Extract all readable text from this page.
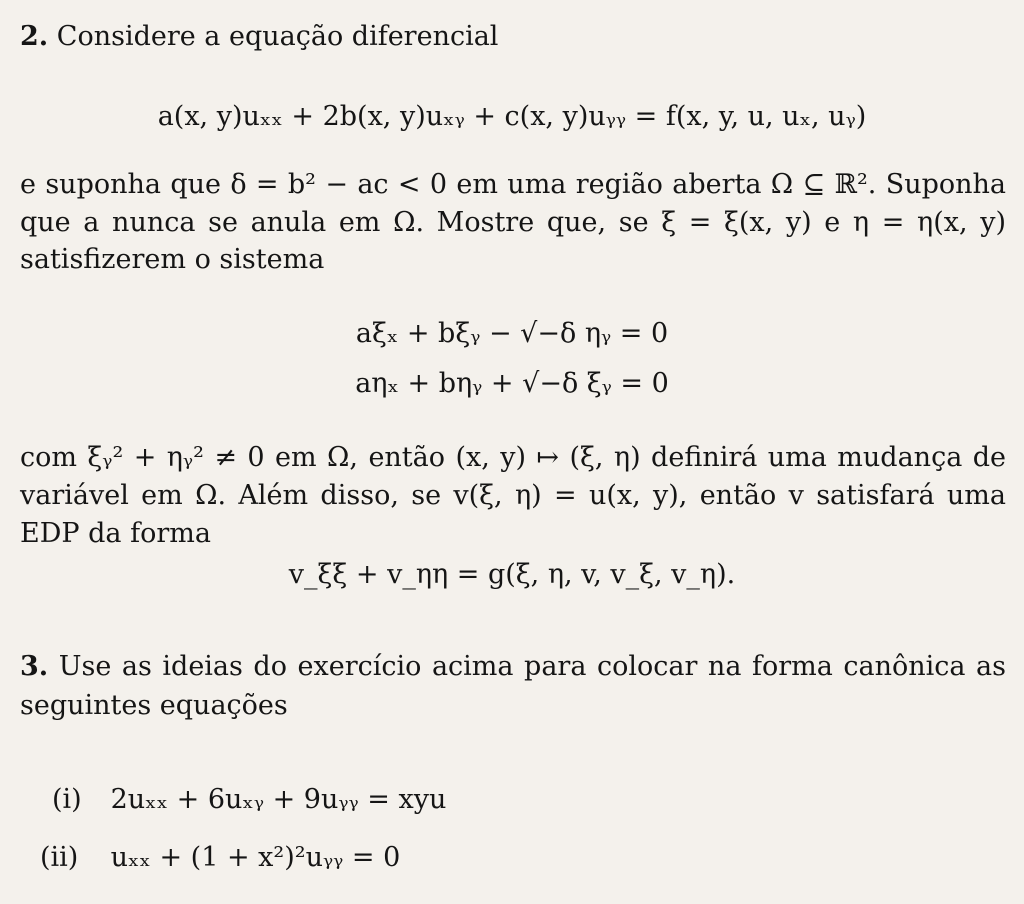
2. Considere a equação diferencial
a(x, y)uₓₓ + 2b(x, y)uₓᵧ + c(x, y)uᵧᵧ = f(x, y, u, uₓ, uᵧ)
e suponha que δ = b² − ac < 0 em uma região aberta Ω ⊆ ℝ². Suponha
que a nunca se anula em Ω. Mostre que, se ξ = ξ(x, y) e η = η(x, y)
satisfizerem o sistema
aξₓ + bξᵧ − √−δ ηᵧ = 0
aηₓ + bηᵧ + √−δ ξᵧ = 0
com ξᵧ² + ηᵧ² ≠ 0 em Ω, então (x, y) ↦ (ξ, η) definirá uma mudança de
variável em Ω. Além disso, se v(ξ, η) = u(x, y), então v satisfará uma
EDP da forma
v_ξξ + v_ηη = g(ξ, η, v, v_ξ, v_η).
3. Use as ideias do exercício acima para colocar na forma canônica as
seguintes equações
(i) 2uₓₓ + 6uₓᵧ + 9uᵧᵧ = xyu
(ii) uₓₓ + (1 + x²)²uᵧᵧ = 0
